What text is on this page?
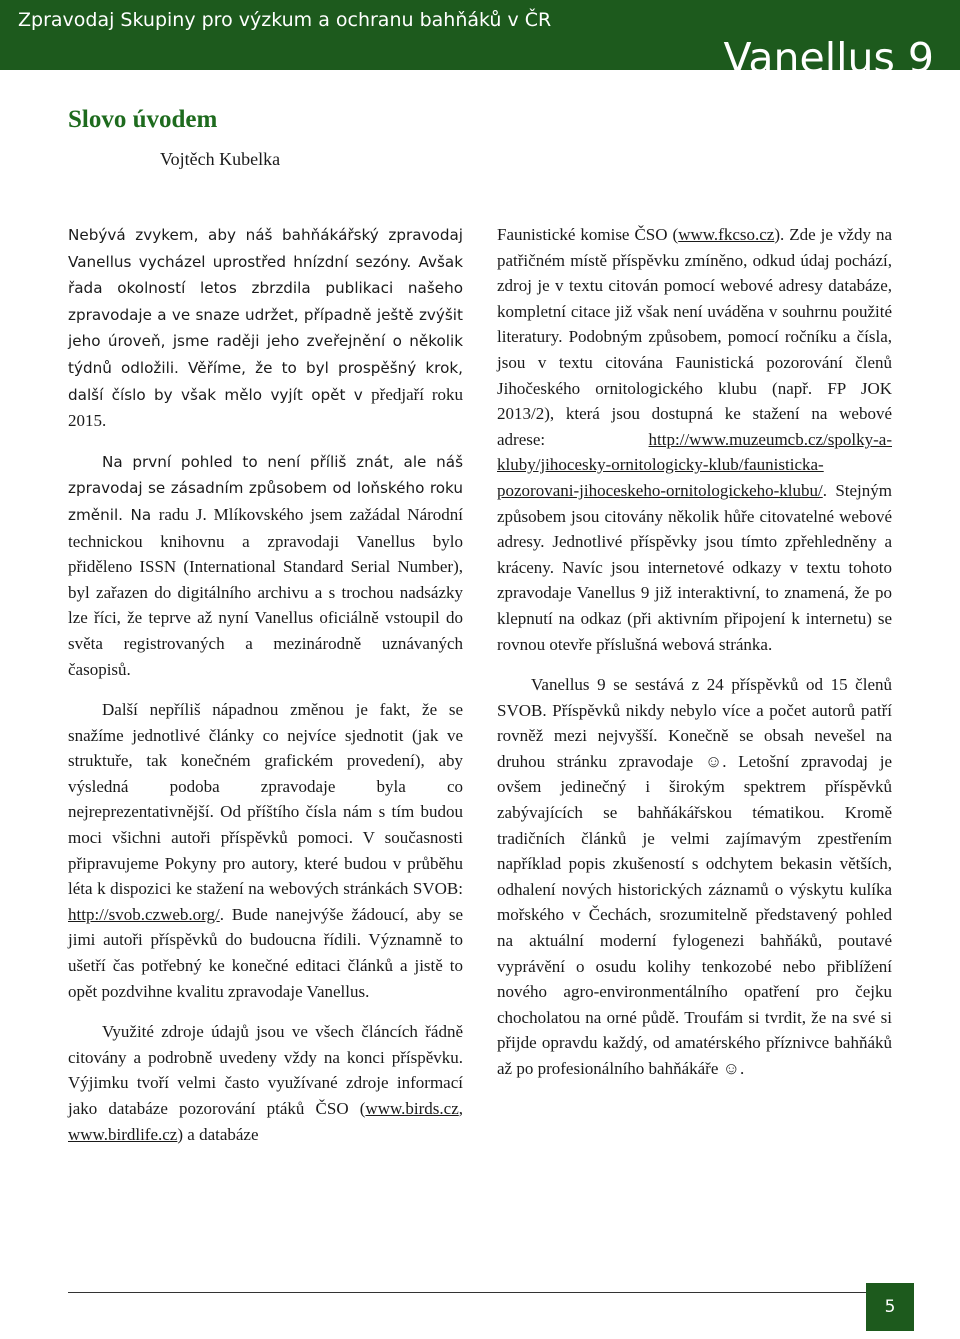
Zpravodaj Skupiny pro výzkum a ochranu bahňáků v ČR
Vanellus 9
Slovo úvodem
Vojtěch Kubelka

Nebývá zvykem, aby náš bahňákářský zpravodaj Vanellus vycházel uprostřed hnízdní sezóny. Avšak řada okolností letos zbrzdila publikaci našeho zpravodaje a ve snaze udržet, případně ještě zvýšit jeho úroveň, jsme raději jeho zveřejnění o několik týdnů odložili. Věříme, že to byl prospěšný krok, další číslo by však mělo vyjít opět v předjaří roku 2015.

Na první pohled to není příliš znát, ale náš zpravodaj se zásadním způsobem od loňského roku změnil. Na radu J. Mlíkovského jsem zažádal Národní technickou knihovnu a zpravodaji Vanellus bylo přiděleno ISSN (International Standard Serial Number), byl zařazen do digitálního archivu a s trochou nadsázky lze říci, že teprve až nyní Vanellus oficiálně vstoupil do světa registrovaných a mezinárodně uznávaných časopisů.

Další nepříliš nápadnou změnou je fakt, že se snažíme jednotlivé články co nejvíce sjednotit (jak ve struktuře, tak konečném grafickém provedení), aby výsledná podoba zpravodaje byla co nejreprezentativnější. Od příštího čísla nám s tím budou moci všichni autoři příspěvků pomoci. V současnosti připravujeme Pokyny pro autory, které budou v průběhu léta k dispozici ke stažení na webových stránkách SVOB: http://svob.czweb.org/. Bude nanejvýše žádoucí, aby se jimi autoři příspěvků do budoucna řídili. Významně to ušetří čas potřebný ke konečné editaci článků a jistě to opět pozdvihne kvalitu zpravodaje Vanellus.

Využité zdroje údajů jsou ve všech článcích řádně citovány a podrobně uvedeny vždy na konci příspěvku. Výjimku tvoří velmi často využívané zdroje informací jako databáze pozorování ptáků ČSO (www.birds.cz, www.birdlife.cz) a databáze

Faunistické komise ČSO (www.fkcso.cz). Zde je vždy na patřičném místě příspěvku zmíněno, odkud údaj pochází, zdroj je v textu citován pomocí webové adresy databáze, kompletní citace již však není uváděna v souhrnu použité literatury. Podobným způsobem, pomocí ročníku a čísla, jsou v textu citována Faunistická pozorování členů Jihočeského ornitologického klubu (např. FP JOK 2013/2), která jsou dostupná ke stažení na webové adrese: http://www.muzeumcb.cz/spolky-a-kluby/jihocesky-ornitologicky-klub/faunisticka-pozorovani-jihoceskeho-ornitologickeho-klubu/. Stejným způsobem jsou citovány několik hůře citovatelné webové adresy. Jednotlivé příspěvky jsou tímto zpřehledněny a kráceny. Navíc jsou internetové odkazy v textu tohoto zpravodaje Vanellus 9 již interaktivní, to znamená, že po klepnutí na odkaz (při aktivním připojení k internetu) se rovnou otevře příslušná webová stránka.

Vanellus 9 se sestává z 24 příspěvků od 15 členů SVOB. Příspěvků nikdy nebylo více a počet autorů patří rovněž mezi nejvyšší. Konečně se obsah nevešel na druhou stránku zpravodaje ☺. Letošní zpravodaj je ovšem jedinečný i širokým spektrem příspěvků zabývajících se bahňákářskou tématikou. Kromě tradičních článků je velmi zajímavým zpestřením například popis zkušeností s odchytem bekasin větších, odhalení nových historických záznamů o výskytu kulíka mořského v Čechách, srozumitelně představený pohled na aktuální moderní fylogenezi bahňáků, poutavé vyprávění o osudu kolihy tenkozobé nebo přiblížení nového agro-environmentálního opatření pro čejku chocholatou na orné půdě. Troufám si tvrdit, že na své si přijde opravdu každý, od amatérského příznivce bahňáků až po profesionálního bahňákáře ☺.

5
